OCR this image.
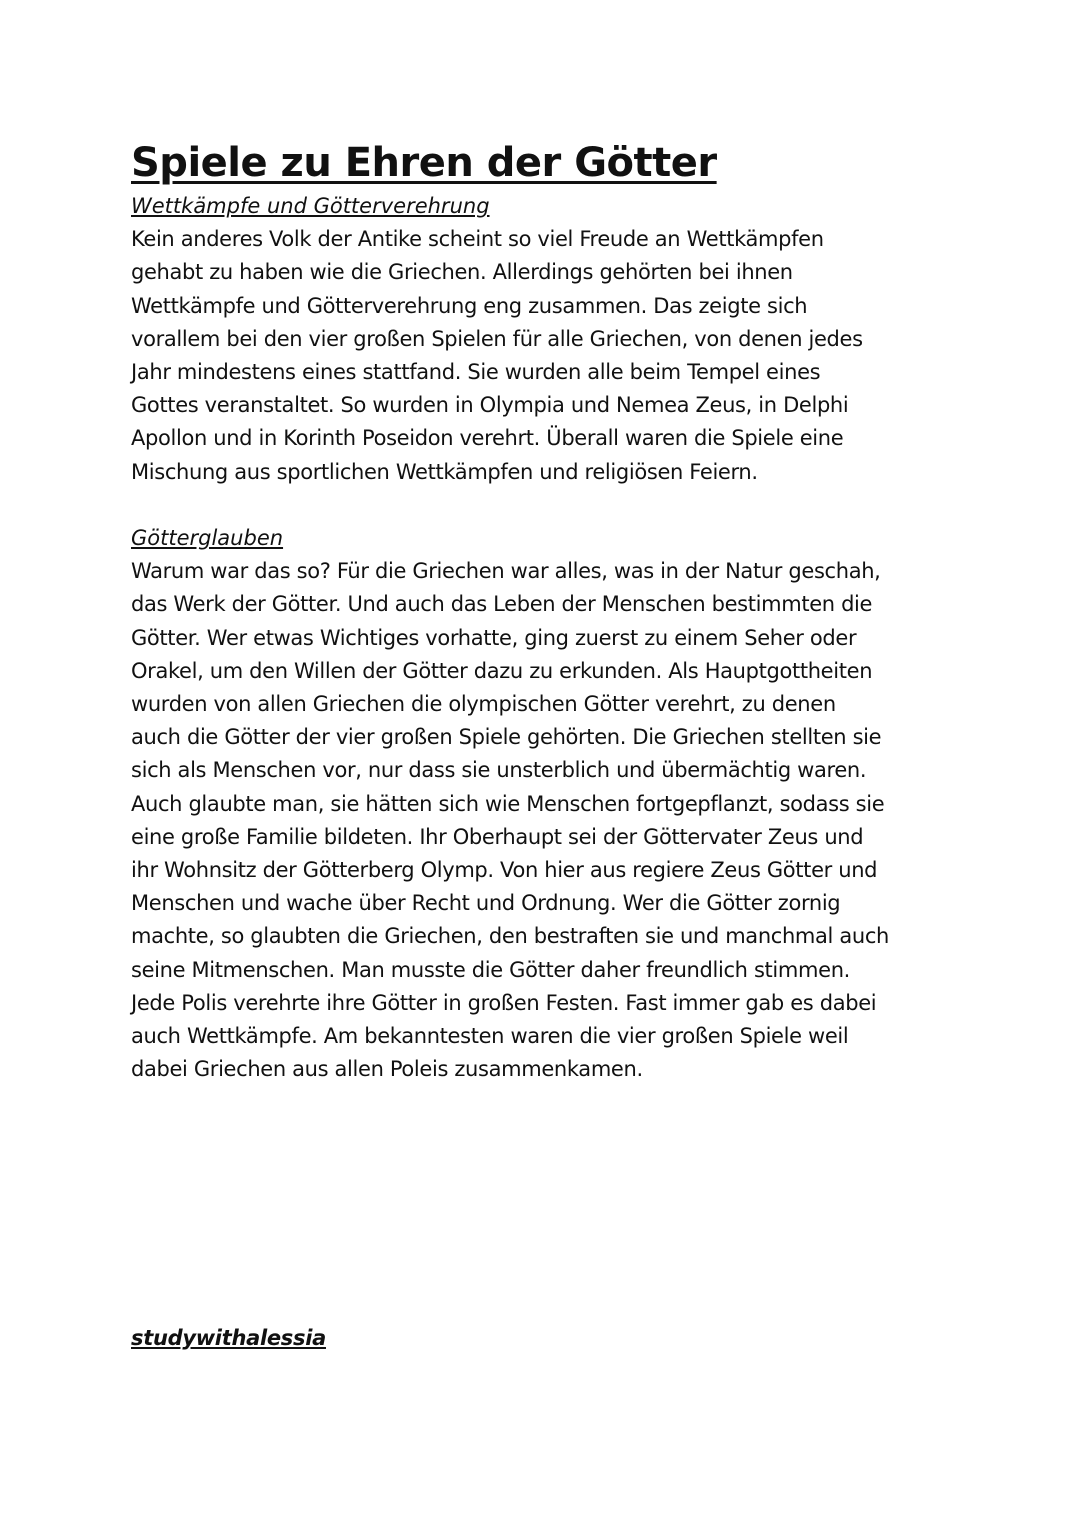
Spiele zu Ehren der Götter
Wettkämpfe und Götterverehrung
Kein anderes Volk der Antike scheint so viel Freude an Wettkämpfen
gehabt zu haben wie die Griechen. Allerdings gehörten bei ihnen
Wettkämpfe und Götterverehrung eng zusammen. Das zeigte sich
vorallem bei den vier großen Spielen für alle Griechen, von denen jedes
Jahr mindestens eines stattfand. Sie wurden alle beim Tempel eines
Gottes veranstaltet. So wurden in Olympia und Nemea Zeus, in Delphi
Apollon und in Korinth Poseidon verehrt. Überall waren die Spiele eine
Mischung aus sportlichen Wettkämpfen und religiösen Feiern.
Götterglauben
Warum war das so? Für die Griechen war alles, was in der Natur geschah,
das Werk der Götter. Und auch das Leben der Menschen bestimmten die
Götter. Wer etwas Wichtiges vorhatte, ging zuerst zu einem Seher oder
Orakel, um den Willen der Götter dazu zu erkunden. Als Hauptgottheiten
wurden von allen Griechen die olympischen Götter verehrt, zu denen
auch die Götter der vier großen Spiele gehörten. Die Griechen stellten sie
sich als Menschen vor, nur dass sie unsterblich und übermächtig waren.
Auch glaubte man, sie hätten sich wie Menschen fortgepflanzt, sodass sie
eine große Familie bildeten. Ihr Oberhaupt sei der Göttervater Zeus und
ihr Wohnsitz der Götterberg Olymp. Von hier aus regiere Zeus Götter und
Menschen und wache über Recht und Ordnung. Wer die Götter zornig
machte, so glaubten die Griechen, den bestraften sie und manchmal auch
seine Mitmenschen. Man musste die Götter daher freundlich stimmen.
Jede Polis verehrte ihre Götter in großen Festen. Fast immer gab es dabei
auch Wettkämpfe. Am bekanntesten waren die vier großen Spiele weil
dabei Griechen aus allen Poleis zusammenkamen.
studywithalessia
